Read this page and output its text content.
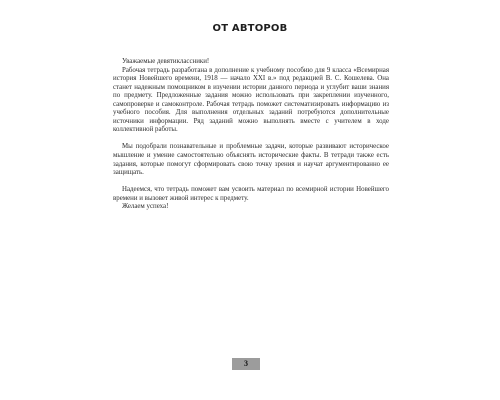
ОТ АВТОРОВ

Уважаемые девятиклассники!

Рабочая тетрадь разработана в дополнение к учебному пособию для 9 класса «Всемирная история Новейшего времени, 1918 — начало XXI в.» под редакцией В. С. Кошелева. Она станет надежным помощником в изучении истории данного периода и углубит ваши знания по предмету. Предложенные задания можно использовать при закреплении изученного, самопроверке и самоконтроле. Рабочая тетрадь поможет систематизировать информацию из учебного пособия. Для выполнения отдельных заданий потребуются дополнительные источники информации. Ряд заданий можно выполнять вместе с учителем в ходе коллективной работы.

Мы подобрали познавательные и проблемные задачи, которые развивают историческое мышление и умение самостоятельно объяснять исторические факты. В тетради также есть задания, которые помогут сформировать свою точку зрения и научат аргументированно ее защищать.

Надеемся, что тетрадь поможет вам усвоить материал по всемирной истории Новейшего времени и вызовет живой интерес к предмету.

Желаем успеха!

3
